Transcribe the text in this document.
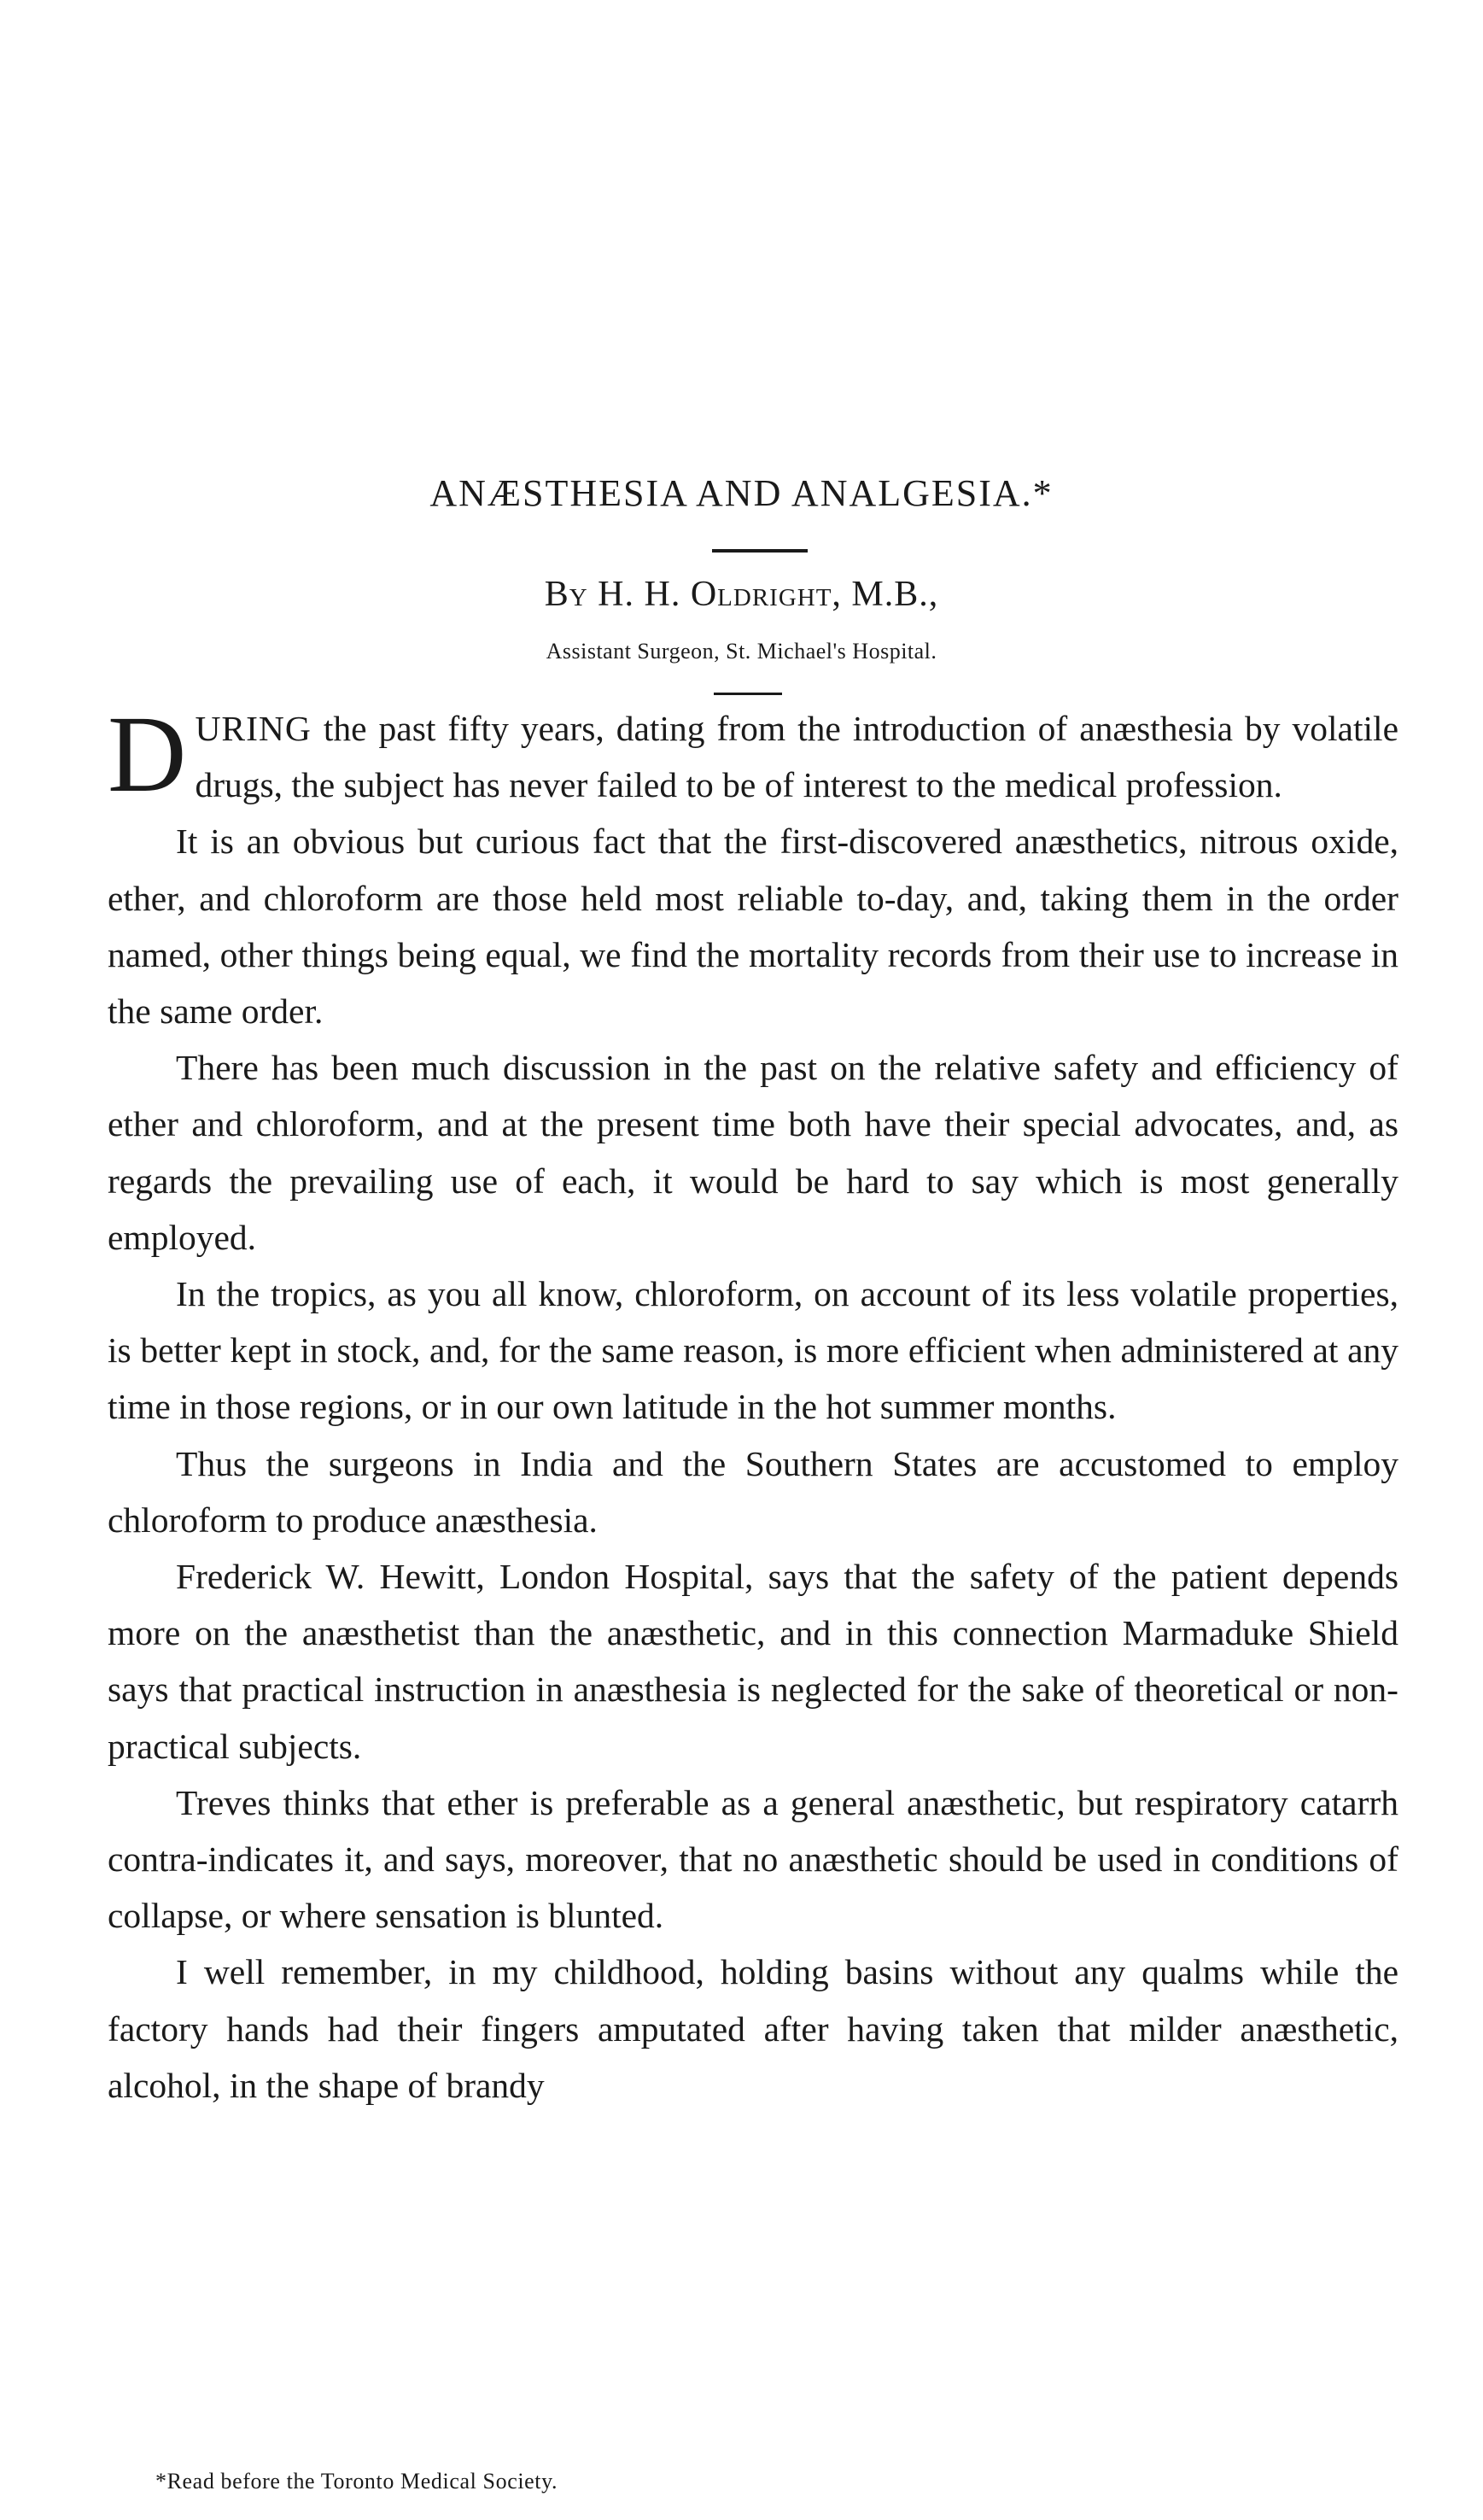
ANÆSTHESIA AND ANALGESIA.*
By H. H. Oldright, M.B.,
Assistant Surgeon, St. Michael's Hospital.

DURING the past fifty years, dating from the introduction of anæsthesia by volatile drugs, the subject has never failed to be of interest to the medical profession.

It is an obvious but curious fact that the first-discovered anæsthetics, nitrous oxide, ether, and chloroform are those held most reliable to-day, and, taking them in the order named, other things being equal, we find the mortality records from their use to increase in the same order.

There has been much discussion in the past on the relative safety and efficiency of ether and chloroform, and at the present time both have their special advocates, and, as regards the prevailing use of each, it would be hard to say which is most generally employed.

In the tropics, as you all know, chloroform, on account of its less volatile properties, is better kept in stock, and, for the same reason, is more efficient when administered at any time in those regions, or in our own latitude in the hot summer months.

Thus the surgeons in India and the Southern States are accustomed to employ chloroform to produce anæsthesia.

Frederick W. Hewitt, London Hospital, says that the safety of the patient depends more on the anæsthetist than the anæsthetic, and in this connection Marmaduke Shield says that practical instruction in anæsthesia is neglected for the sake of theoretical or non-practical subjects.

Treves thinks that ether is preferable as a general anæsthetic, but respiratory catarrh contra-indicates it, and says, moreover, that no anæsthetic should be used in conditions of collapse, or where sensation is blunted.

I well remember, in my childhood, holding basins without any qualms while the factory hands had their fingers amputated after having taken that milder anæsthetic, alcohol, in the shape of brandy

*Read before the Toronto Medical Society.
